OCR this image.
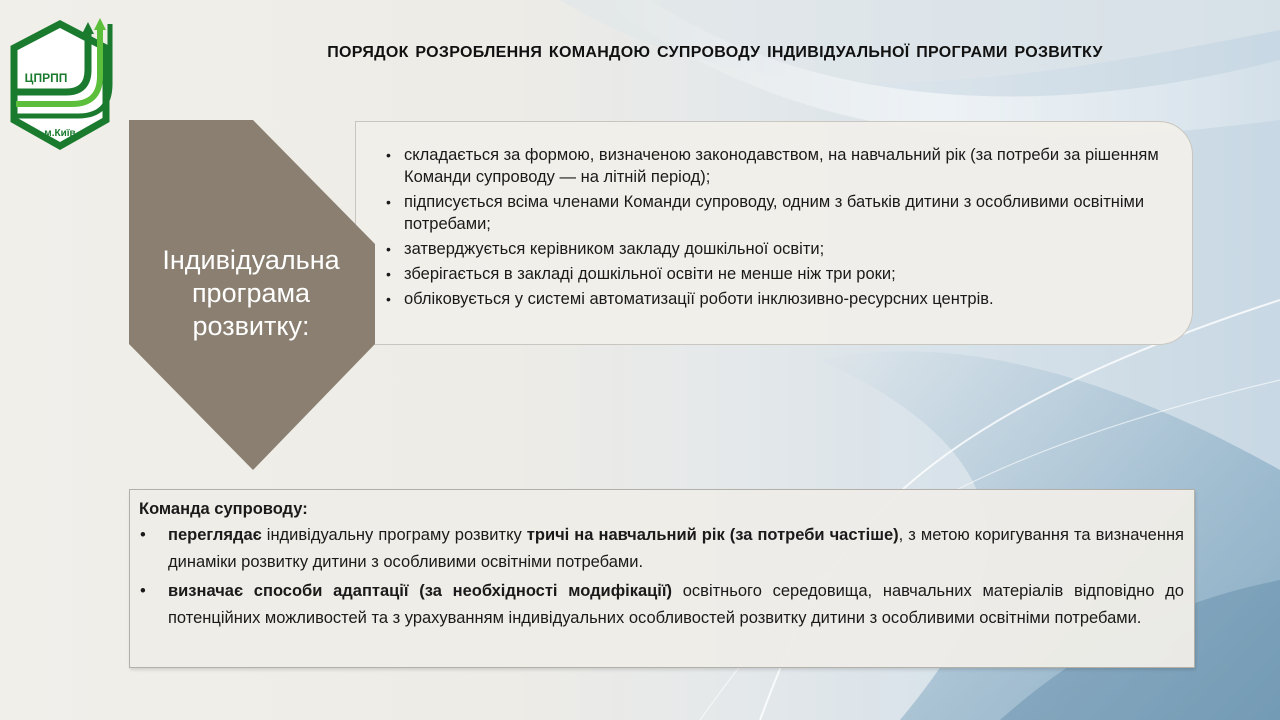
ЦПРПП
м.Київ
ПОРЯДОК РОЗРОБЛЕННЯ КОМАНДОЮ СУПРОВОДУ ІНДИВІДУАЛЬНОЇ ПРОГРАМИ РОЗВИТКУ
• складається за формою, визначеною законодавством, на навчальний рік (за потреби за рішенням Команди супроводу — на літній період);
• підписується всіма членами Команди супроводу, одним з батьків дитини з особливими освітніми потребами;
• затверджується керівником закладу дошкільної освіти;
• зберігається в закладі дошкільної освіти не менше ніж три роки;
• обліковується у системі автоматизації роботи інклюзивно-ресурсних центрів.
Індивідуальна
програма
розвитку:
Команда супроводу:
• переглядає індивідуальну програму розвитку тричі на навчальний рік (за потреби частіше), з метою коригування та визначення динаміки розвитку дитини з особливими освітніми потребами.
• визначає способи адаптації (за необхідності модифікації) освітнього середовища, навчальних матеріалів відповідно до потенційних можливостей та з урахуванням індивідуальних особливостей розвитку дитини з особливими освітніми потребами.
